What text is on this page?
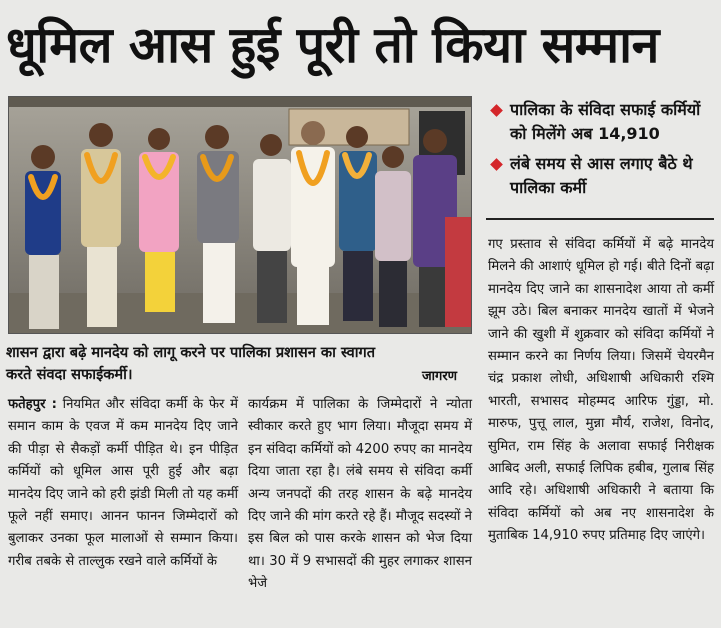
धूमिल आस हुई पूरी तो किया सम्मान
पालिका के संविदा सफाई कर्मियों को मिलेंगे अब 14,910
लंबे समय से आस लगाए बैठे थे पालिका कर्मी
गए प्रस्ताव से संविदा कर्मियों में बढ़े मानदेय मिलने की आशाएं धूमिल हो गई। बीते दिनों बढ़ा मानदेय दिए जाने का शासनादेश आया तो कर्मी झूम उठे। बिल बनाकर मानदेय खातों में भेजने जाने की खुशी में शुक्रवार को संविदा कर्मियों ने सम्मान करने का निर्णय लिया। जिसमें चेयरमैन चंद्र प्रकाश लोधी, अधिशाषी अधिकारी रश्मि भारती, सभासद मोहम्मद आरिफ गुंड्डा, मो. मारुफ, पुत्तू लाल, मुन्ना मौर्य, राजेश, विनोद, सुमित, राम सिंह के अलावा सफाई निरीक्षक आबिद अली, सफाई लिपिक हबीब, गुलाब सिंह आदि रहे। अधिशाषी अधिकारी ने बताया कि संविदा कर्मियों को अब नए शासनादेश के मुताबिक 14,910 रुपए प्रतिमाह दिए जाएंगे।
शासन द्वारा बढ़े मानदेय को लागू करने पर पालिका प्रशासन का स्वागत
करते संवदा सफाईकर्मी।	जागरण
फतेहपुर : नियमित और संविदा कर्मी के फेर में समान काम के एवज में कम मानदेय दिए जाने की पीड़ा से सैकड़ों कर्मी पीड़ित थे। इन पीड़ित कर्मियों को धूमिल आस पूरी हुई और बढ़ा मानदेय दिए जाने को हरी झंडी मिली तो यह कर्मी फूले नहीं समाए। आनन फानन जिम्मेदारों को बुलाकर उनका फूल मालाओं से सम्मान किया। गरीब तबके से ताल्लुक रखने वाले कर्मियों के
कार्यक्रम में पालिका के जिम्मेदारों ने न्योता स्वीकार करते हुए भाग लिया। मौजूदा समय में इन संविदा कर्मियों को 4200 रुपए का मानदेय दिया जाता रहा है। लंबे समय से संविदा कर्मी अन्य जनपदों की तरह शासन के बढ़े मानदेय दिए जाने की मांग करते रहे हैं। मौजूद सदस्यों ने इस बिल को पास करके शासन को भेज दिया था। 30 में 9 सभासदों की मुहर लगाकर शासन भेजे
